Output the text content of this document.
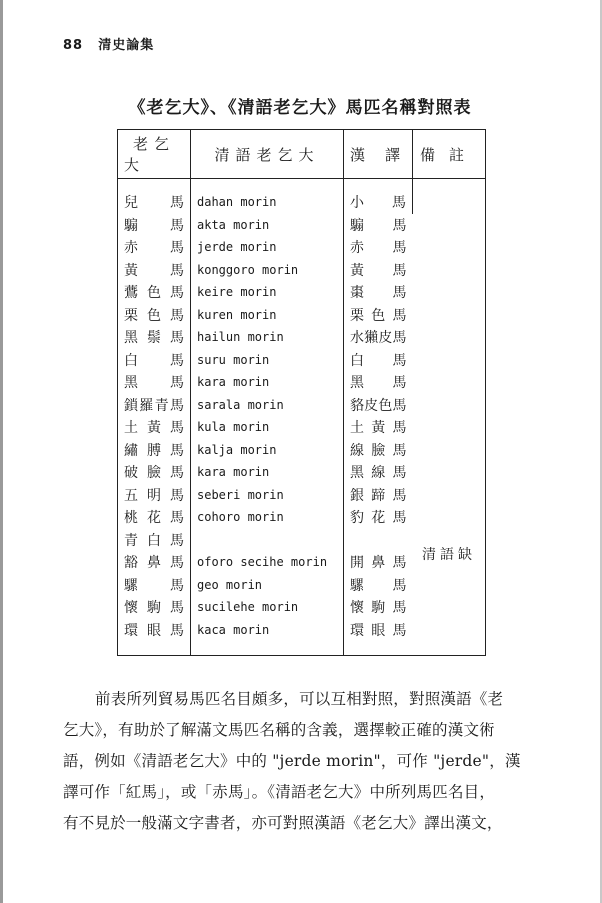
88 清史論集
《老乞大》、《清語老乞大》馬匹名稱對照表
老乞大	清語老乞大	漢譯	備註
兒馬	dahan morin	小馬	清語缺

騸馬	akta morin	騸馬	
赤馬	jerde morin	赤馬	
黃馬	konggoro morin	黃馬	
鷰色馬	keire morin	棗馬	
栗色馬	kuren morin	栗色馬	
黑鬃馬	hailun morin	水獺皮馬	
白馬	suru morin	白馬	
黑馬	kara morin	黑馬	
鎖羅青馬	sarala morin	貉皮色馬	
土黃馬	kula morin	土黃馬	
繡膊馬	kalja morin	線臉馬	
破臉馬	kara morin	黑線馬	
五明馬	seberi morin	銀蹄馬	
桃花馬	cohoro morin	豹花馬	
青白馬			
豁鼻馬	oforo secihe morin	開鼻馬	
騾馬	geo morin	騾馬	
懷駒馬	sucilehe morin	懷駒馬	
環眼馬	kaca morin	環眼馬	
前表所列貿易馬匹名目頗多，可以互相對照，對照漢語《老
乞大》，有助於了解滿文馬匹名稱的含義，選擇較正確的漢文術
語，例如《清語老乞大》中的 "jerde morin"，可作 "jerde"，漢
譯可作「紅馬」，或「赤馬」。《清語老乞大》中所列馬匹名目，
有不見於一般滿文字書者，亦可對照漢語《老乞大》譯出漢文，
